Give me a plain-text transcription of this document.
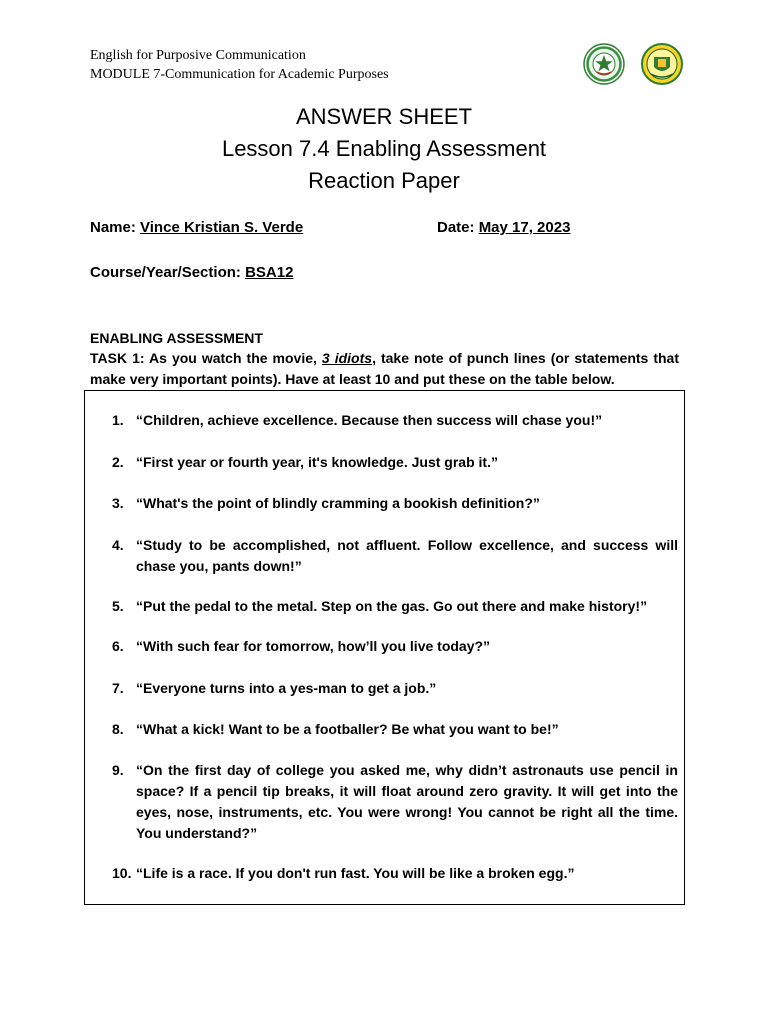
English for Purposive Communication
MODULE 7-Communication for Academic Purposes
ANSWER SHEET
Lesson 7.4 Enabling Assessment
Reaction Paper
Name: Vince Kristian S. Verde	Date: May 17, 2023
Course/Year/Section: BSA12
ENABLING ASSESSMENT
TASK 1: As you watch the movie, 3 idiots, take note of punch lines (or statements that make very important points). Have at least 10 and put these on the table below.
1. “Children, achieve excellence. Because then success will chase you!”
2. “First year or fourth year, it's knowledge. Just grab it.”
3. “What's the point of blindly cramming a bookish definition?”
4. “Study to be accomplished, not affluent. Follow excellence, and success will chase you, pants down!”
5. “Put the pedal to the metal. Step on the gas. Go out there and make history!”
6. “With such fear for tomorrow, how’ll you live today?”
7. “Everyone turns into a yes-man to get a job.”
8. “What a kick! Want to be a footballer? Be what you want to be!”
9. “On the first day of college you asked me, why didn’t astronauts use pencil in space? If a pencil tip breaks, it will float around zero gravity. It will get into the eyes, nose, instruments, etc. You were wrong! You cannot be right all the time. You understand?”
10. “Life is a race. If you don't run fast. You will be like a broken egg.”
